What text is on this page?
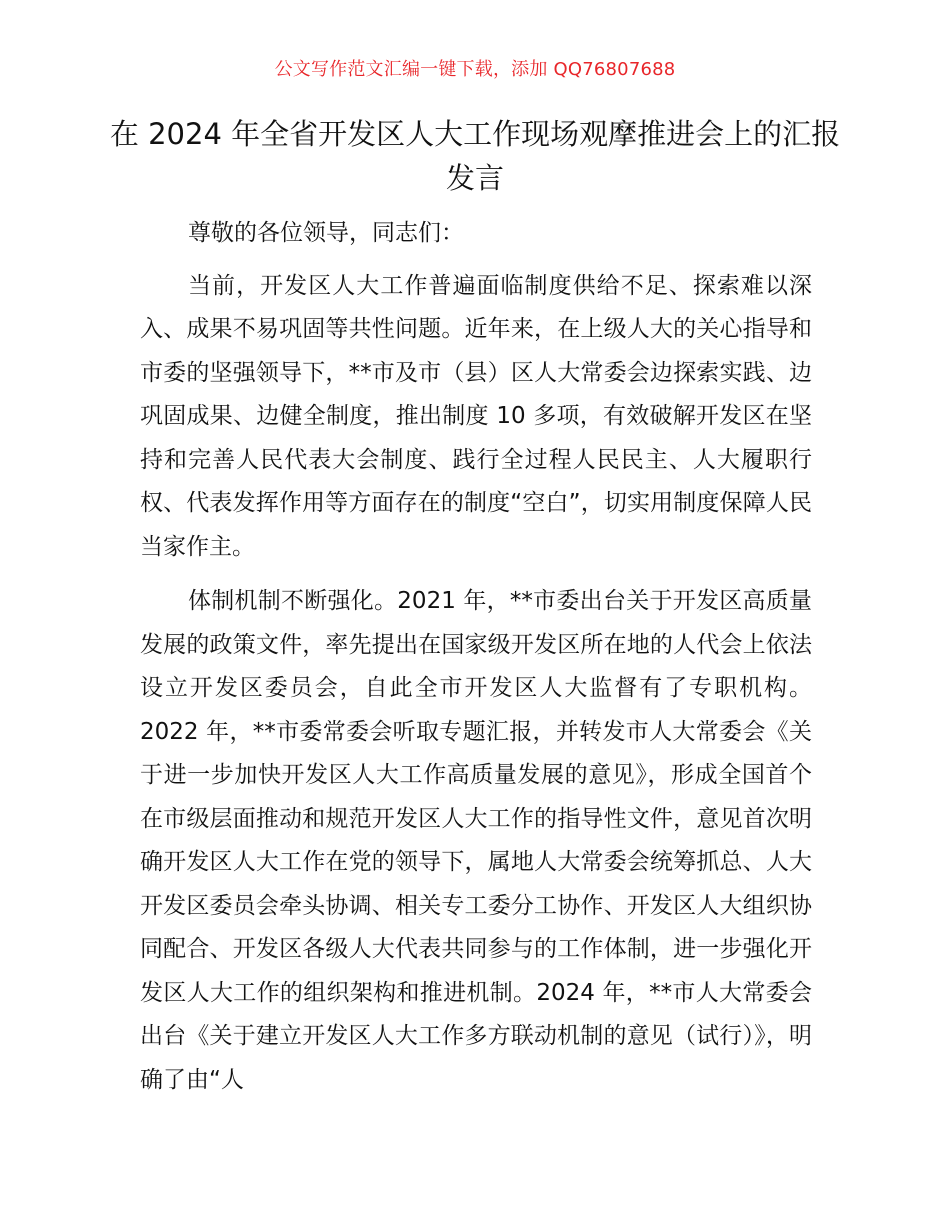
公文写作范文汇编一键下载，添加 QQ76807688
在 2024 年全省开发区人大工作现场观摩推进会上的汇报发言

尊敬的各位领导，同志们：

当前，开发区人大工作普遍面临制度供给不足、探索难以深入、成果不易巩固等共性问题。近年来，在上级人大的关心指导和市委的坚强领导下，**市及市（县）区人大常委会边探索实践、边巩固成果、边健全制度，推出制度 10 多项，有效破解开发区在坚持和完善人民代表大会制度、践行全过程人民民主、人大履职行权、代表发挥作用等方面存在的制度“空白”，切实用制度保障人民当家作主。

体制机制不断强化。2021 年，**市委出台关于开发区高质量发展的政策文件，率先提出在国家级开发区所在地的人代会上依法设立开发区委员会，自此全市开发区人大监督有了专职机构。2022 年，**市委常委会听取专题汇报，并转发市人大常委会《关于进一步加快开发区人大工作高质量发展的意见》，形成全国首个在市级层面推动和规范开发区人大工作的指导性文件，意见首次明确开发区人大工作在党的领导下，属地人大常委会统筹抓总、人大开发区委员会牵头协调、相关专工委分工协作、开发区人大组织协同配合、开发区各级人大代表共同参与的工作体制，进一步强化开发区人大工作的组织架构和推进机制。2024 年，**市人大常委会出台《关于建立开发区人大工作多方联动机制的意见（试行）》，明确了由“人
